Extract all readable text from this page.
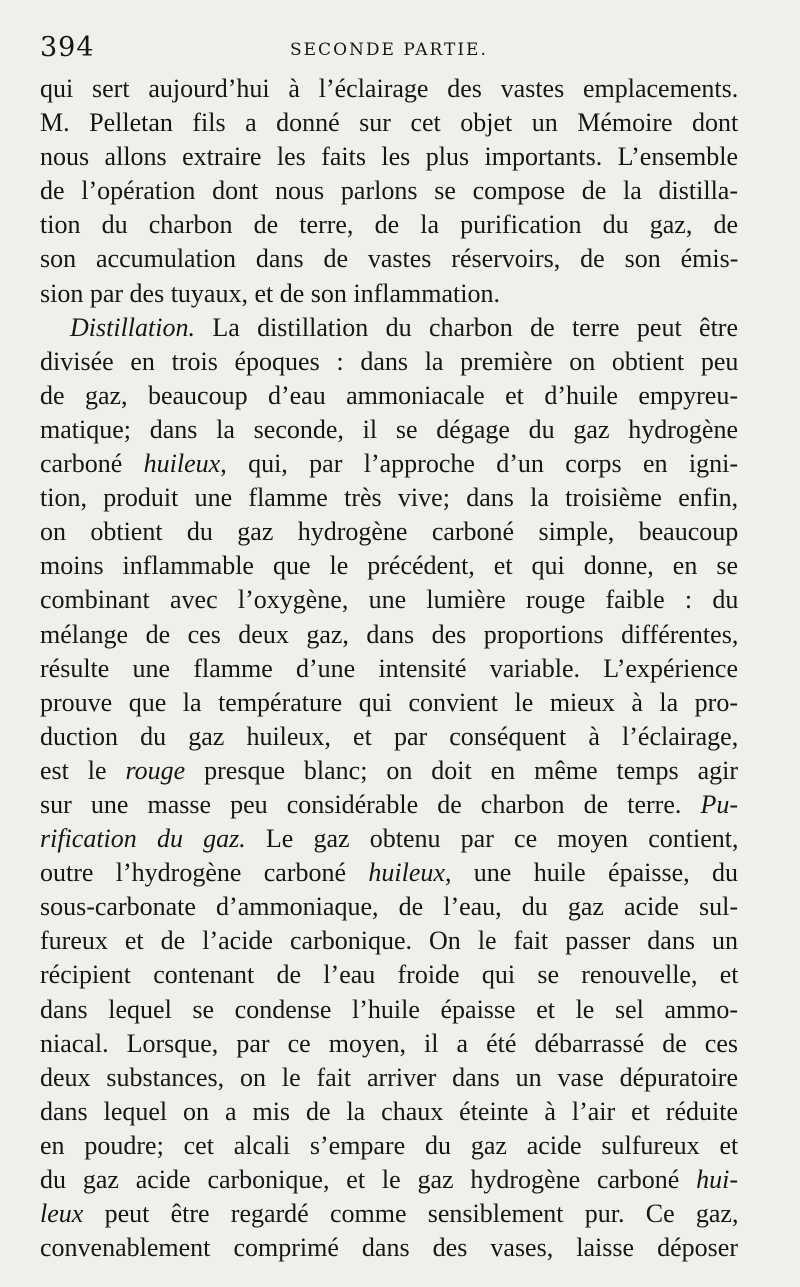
394	SECONDE PARTIE.
qui sert aujourd’hui à l’éclairage des vastes emplacements.
M. Pelletan fils a donné sur cet objet un Mémoire dont
nous allons extraire les faits les plus importants. L’ensemble
de l’opération dont nous parlons se compose de la distilla-
tion du charbon de terre, de la purification du gaz, de
son accumulation dans de vastes réservoirs, de son émis-
sion par des tuyaux, et de son inflammation.
Distillation. La distillation du charbon de terre peut être
divisée en trois époques : dans la première on obtient peu
de gaz, beaucoup d’eau ammoniacale et d’huile empyreu-
matique; dans la seconde, il se dégage du gaz hydrogène
carboné huileux, qui, par l’approche d’un corps en igni-
tion, produit une flamme très vive; dans la troisième enfin,
on obtient du gaz hydrogène carboné simple, beaucoup
moins inflammable que le précédent, et qui donne, en se
combinant avec l’oxygène, une lumière rouge faible : du
mélange de ces deux gaz, dans des proportions différentes,
résulte une flamme d’une intensité variable. L’expérience
prouve que la température qui convient le mieux à la pro-
duction du gaz huileux, et par conséquent à l’éclairage,
est le rouge presque blanc; on doit en même temps agir
sur une masse peu considérable de charbon de terre. Pu-
rification du gaz. Le gaz obtenu par ce moyen contient,
outre l’hydrogène carboné huileux, une huile épaisse, du
sous-carbonate d’ammoniaque, de l’eau, du gaz acide sul-
fureux et de l’acide carbonique. On le fait passer dans un
récipient contenant de l’eau froide qui se renouvelle, et
dans lequel se condense l’huile épaisse et le sel ammo-
niacal. Lorsque, par ce moyen, il a été débarrassé de ces
deux substances, on le fait arriver dans un vase dépuratoire
dans lequel on a mis de la chaux éteinte à l’air et réduite
en poudre; cet alcali s’empare du gaz acide sulfureux et
du gaz acide carbonique, et le gaz hydrogène carboné hui-
leux peut être regardé comme sensiblement pur. Ce gaz,
convenablement comprimé dans des vases, laisse déposer
